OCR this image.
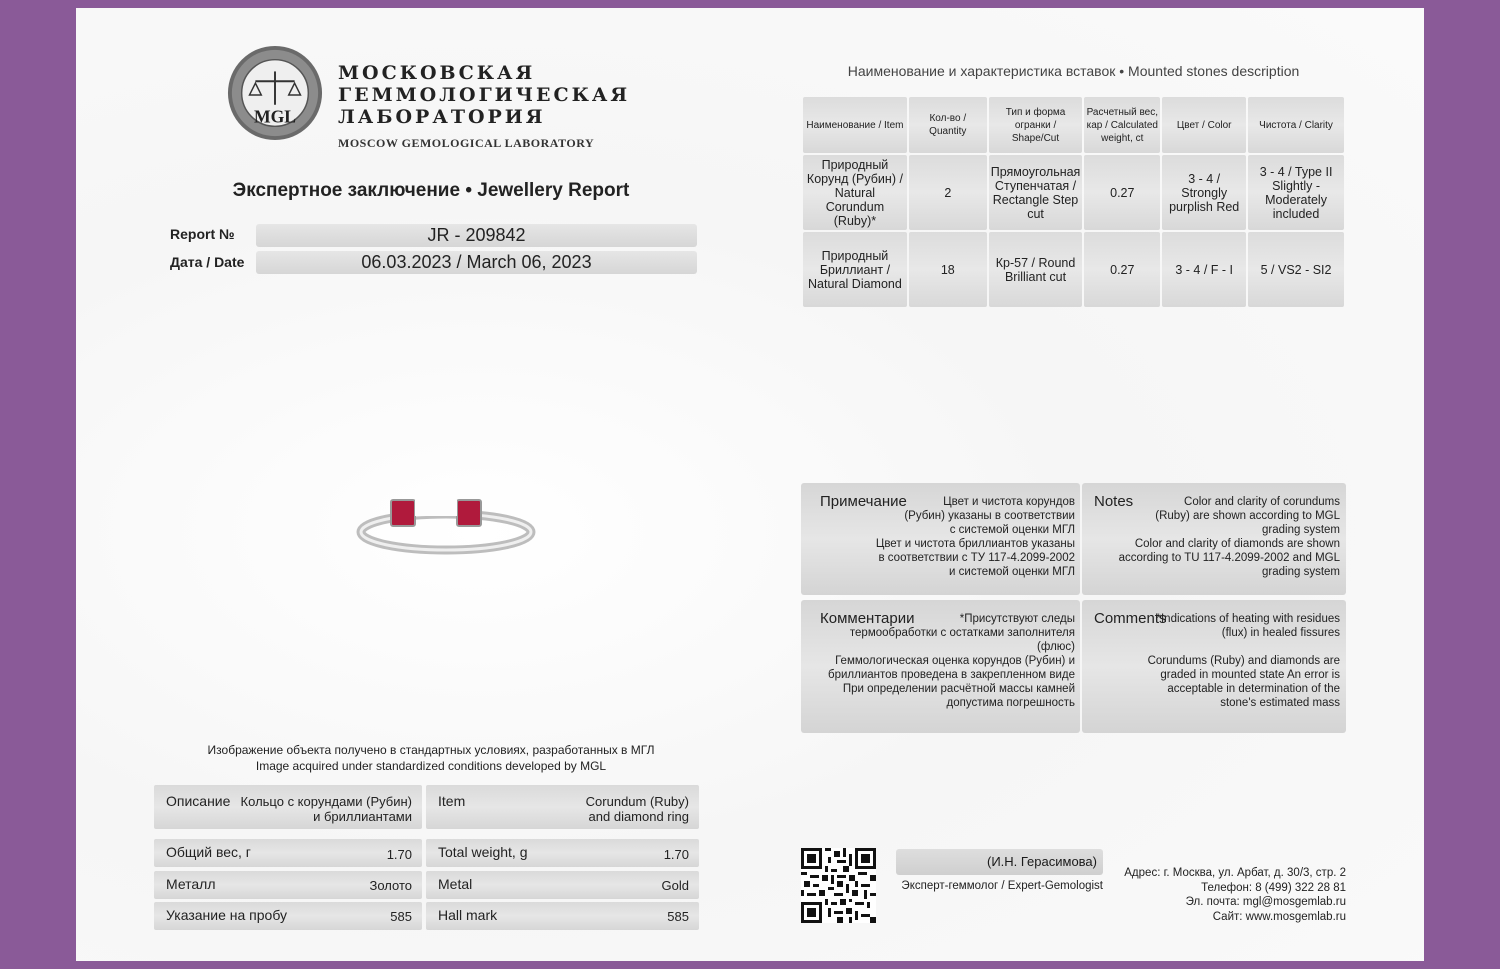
MGL
МОСКОВСКАЯ
ГЕММОЛОГИЧЕСКАЯ
ЛАБОРАТОРИЯ
MOSCOW GEMOLOGICAL LABORATORY
Экспертное заключение • Jewellery Report
Report №	JR - 209842
Дата / Date	06.03.2023 / March 06, 2023
Наименование и характеристика вставок • Mounted stones description
Наименование / Item	Кол-во / Quantity	Тип и форма огранки / Shape/Cut	Расчетный вес, кар / Calculated weight, ct	Цвет / Color	Чистота / Clarity
Природный Корунд (Рубин) / Natural Corundum (Ruby)*	2	Прямоугольная Ступенчатая / Rectangle Step cut	0.27	3 - 4 / Strongly purplish Red	3 - 4 / Type II Slightly - Moderately included
Природный Бриллиант / Natural Diamond	18	Кр-57 / Round Brilliant cut	0.27	3 - 4 / F - I	5 / VS2 - SI2
Изображение объекта получено в стандартных условиях, разработанных в МГЛ
Image acquired under standardized conditions developed by MGL
Описание Кольцо с корундами (Рубин) и бриллиантами
Item	Corundum (Ruby) and diamond ring
Общий вес, г	1.70 Total weight, g	1.70
Металл	Золото Metal	Gold
Указание на пробу	585 Hall mark	585
Примечание	Цвет и чистота корундов (Рубин) указаны в соответствии с системой оценки МГЛ
Цвет и чистота бриллиантов указаны в соответствии с ТУ 117-4.2099-2002 и системой оценки МГЛ
Notes	Color and clarity of corundums (Ruby) are shown according to MGL grading system
Color and clarity of diamonds are shown according to TU 117-4.2099-2002 and MGL grading system
Комментарии	*Присутствуют следы термообработки с остатками заполнителя (флюс)
Геммологическая оценка корундов (Рубин) и бриллиантов проведена в закрепленном виде При определении расчётной массы камней допустима погрешность
Comments
*Indications of heating with residues (flux) in healed fissures
Corundums (Ruby) and diamonds are graded in mounted state An error is acceptable in determination of the stone's estimated mass
(И.Н. Герасимова)
Эксперт-геммолог / Expert-Gemologist
Адрес: г. Москва, ул. Арбат, д. 30/3, стр. 2
Телефон: 8 (499) 322 28 81
Эл. почта: mgl@mosgemlab.ru
Сайт: www.mosgemlab.ru
